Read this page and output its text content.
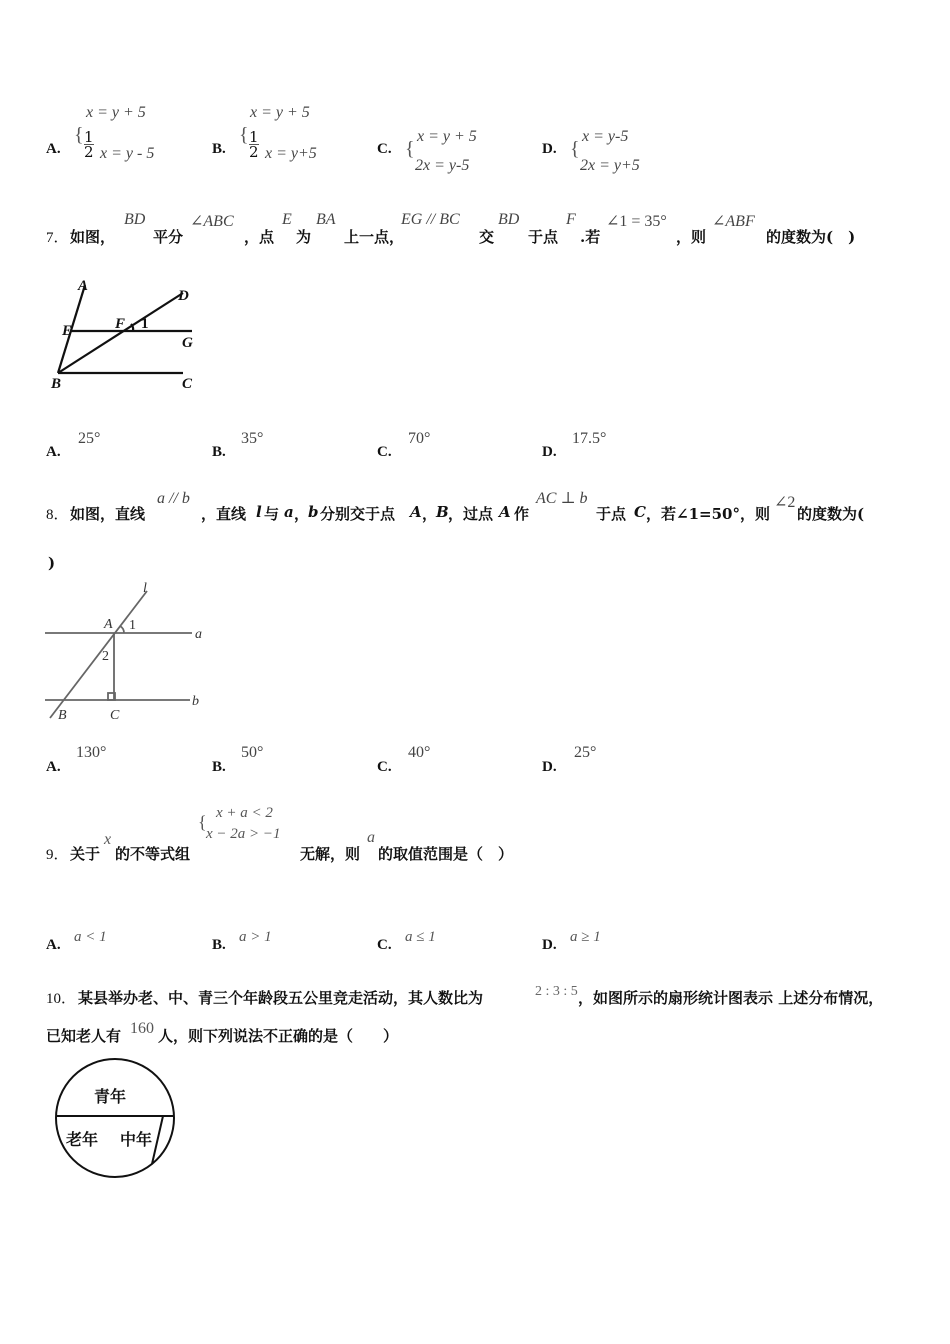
A.
{
x = y + 5
$\frac{1}{2}$ x = y - 5	B.
{
x = y + 5
$\frac{1}{2}$ x = y+5	C. {
x = y + 5
2x = y-5
D. {
x = y-5
2x = y+5
7． 如图，
BD
平分
∠ABC
，点
E
为
BA
上一点，
EG // BC
交
BD
于点
F
.若
∠1 = 35°
，则
∠ABF
的度数为(　)
A
D
E	F
G
B	C
1
A.
25°
B.
35°
C.
70°
D.
17.5°
8． 如图，直线
a // b
，直线 l 与 a ，
b 分别交于点 A ，
B ，过点 A 作
AC ⊥ b
于点 C ，若∠1=50°，则
∠2
的度数为(
)
l
A
a
B	C
b
1
2
A.
130°
B.
50°
C.
40°
D.
25°
9． 关于
x
的不等式组
{ x + a < 2
x − 2a > −1
无解，则
a
的取值范围是（　）
A. a < 1	B. a > 1	C. a ≤ 1	D. a ≥ 1
10． 某县举办老、中、青三个年龄段五公里竞走活动，其人数比为	2 : 3 : 5 ，如图所示的扇形统计图表示 上述分布情况，
已知老人有 160 人，则下列说法不正确的是（　　）
青年
老年 中年
